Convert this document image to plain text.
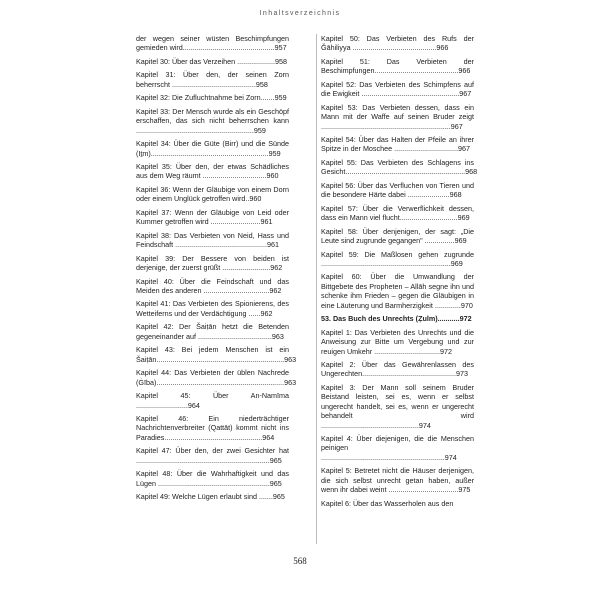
Inhaltsverzeichnis
der wegen seiner wüsten Beschimpfungen gemieden wird..............................................957
Kapitel 30: Über das Verzeihen ...................958
Kapitel 31: Über den, der seinen Zorn beherrscht ..........................................958
Kapitel 32: Die Zufluchtnahme bei Zorn.......959
Kapitel 33: Der Mensch wurde als ein Geschöpf erschaffen, das sich nicht beherrschen kann ...........................................................959
Kapitel 34: Über die Güte (Birr) und die Sünde (Iṯm)...........................................................959
Kapitel 35: Über den, der etwas Schädliches aus dem Weg räumt ................................960
Kapitel 36: Wenn der Gläubige von einem Dorn oder einem Unglück getroffen wird..960
Kapitel 37: Wenn der Gläubige von Leid oder Kummer getroffen wird .........................961
Kapitel 38: Das Verbieten von Neid, Hass und Feindschaft ..............................................961
Kapitel 39: Der Bessere von beiden ist derjenige, der zuerst grüßt ........................962
Kapitel 40: Über die Feindschaft und das Meiden des anderen .................................962
Kapitel 41: Das Verbieten des Spionierens, des Wetteiferns und der Verdächtigung ......962
Kapitel 42: Der Šaiṭān hetzt die Betenden gegeneinander auf .....................................963
Kapitel 43: Bei jedem Menschen ist ein Šaiṭān................................................................963
Kapitel 44: Das Verbieten der üblen Nachrede (Ġība)................................................................963
Kapitel 45: Über An-Namīma ..........................964
Kapitel 46: Ein niederträchtiger Nachrichtenverbreiter (Qattāt) kommt nicht ins Paradies.................................................964
Kapitel 47: Über den, der zwei Gesichter hat ...................................................................965
Kapitel 48: Über die Wahrhaftigkeit und das Lügen ........................................................965
Kapitel 49: Welche Lügen erlaubt sind .......965
Kapitel 50: Das Verbieten des Rufs der Ǧāhiliyya ..........................................966
Kapitel 51: Das Verbieten der Beschimpfungen..........................................966
Kapitel 52: Das Verbieten des Schimpfens auf die Ewigkeit .................................................967
Kapitel 53: Das Verbieten dessen, dass ein Mann mit der Waffe auf seinen Bruder zeigt .................................................................967
Kapitel 54: Über das Halten der Pfeile an ihrer Spitze in der Moschee ................................967
Kapitel 55: Das Verbieten des Schlagens ins Gesicht............................................................968
Kapitel 56: Über das Verfluchen von Tieren und die besondere Härte dabei .....................968
Kapitel 57: Über die Verwerflichkeit dessen, dass ein Mann viel flucht.............................969
Kapitel 58: Über denjenigen, der sagt: „Die Leute sind zugrunde gegangen" ...............969
Kapitel 59: Die Maßlosen gehen zugrunde .................................................................969
Kapitel 60: Über die Umwandlung der Bittgebete des Propheten – Allāh segne ihn und schenke ihm Frieden – gegen die Gläubigen in eine Läuterung und Barmherzigkeit .............970
53. Das Buch des Unrechts (Ẓulm)...........972
Kapitel 1: Das Verbieten des Unrechts und die Anweisung zur Bitte um Vergebung und zur reuigen Umkehr .................................972
Kapitel 2: Über das Gewährenlassen des Ungerechten...............................................973
Kapitel 3: Der Mann soll seinem Bruder Beistand leisten, sei es, wenn er selbst ungerecht handelt, sei es, wenn er ungerecht behandelt wird .................................................974
Kapitel 4: Über diejenigen, die die Menschen peinigen ..............................................................974
Kapitel 5: Betretet nicht die Häuser derjenigen, die sich selbst unrecht getan haben, außer wenn ihr dabei weint ...................................975
Kapitel 6: Über das Wasserholen aus den
568
